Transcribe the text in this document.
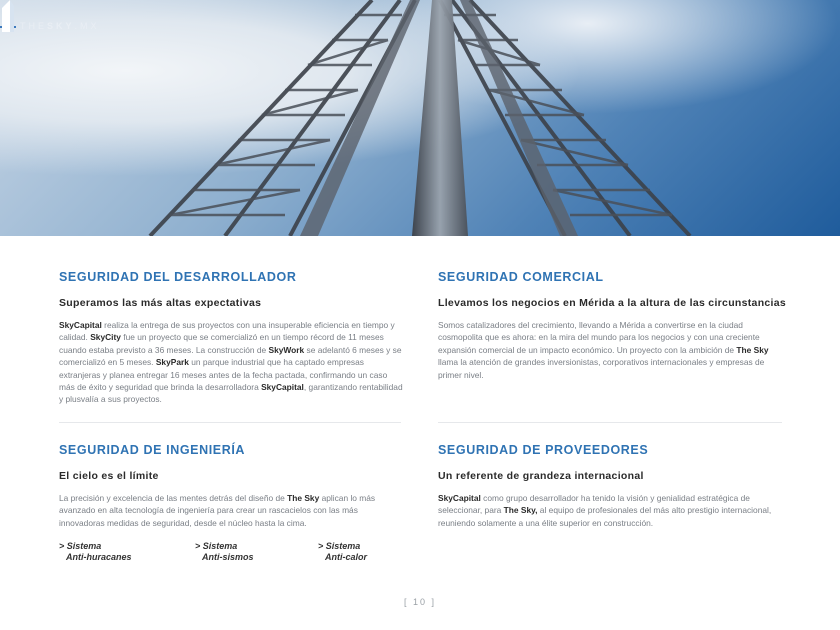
THESKY.MX
SEGURIDAD DEL DESARROLLADOR
Superamos las más altas expectativas

SkyCapital realiza la entrega de sus proyectos con una insuperable eficiencia en tiempo y calidad. SkyCity fue un proyecto que se comercializó en un tiempo récord de 11 meses cuando estaba previsto a 36 meses. La construcción de SkyWork se adelantó 6 meses y se comercializó en 5 meses. SkyPark un parque industrial que ha captado empresas extranjeras y planea entregar 16 meses antes de la fecha pactada, confirmando un caso más de éxito y seguridad que brinda la desarrolladora SkyCapital, garantizando rentabilidad y plusvalía a sus proyectos.

SEGURIDAD COMERCIAL
Llevamos los negocios en Mérida a la altura de las circunstancias

Somos catalizadores del crecimiento, llevando a Mérida a convertirse en la ciudad cosmopolita que es ahora: en la mira del mundo para los negocios y con una creciente expansión comercial de un impacto económico. Un proyecto con la ambición de The Sky llama la atención de grandes inversionistas, corporativos internacionales y empresas de primer nivel.

SEGURIDAD DE INGENIERÍA
El cielo es el límite

La precisión y excelencia de las mentes detrás del diseño de The Sky aplican lo más avanzado en alta tecnología de ingeniería para crear un rascacielos con las más innovadoras medidas de seguridad, desde el núcleo hasta la cima.

SEGURIDAD DE PROVEEDORES
Un referente de grandeza internacional

SkyCapital como grupo desarrollador ha tenido la visión y genialidad estratégica de seleccionar, para The Sky, al equipo de profesionales del más alto prestigio internacional, reuniendo solamente a una élite superior en construcción.

> Sistema
Anti-huracanes
> Sistema
Anti-sismos
> Sistema
Anti-calor
[ 10 ]
